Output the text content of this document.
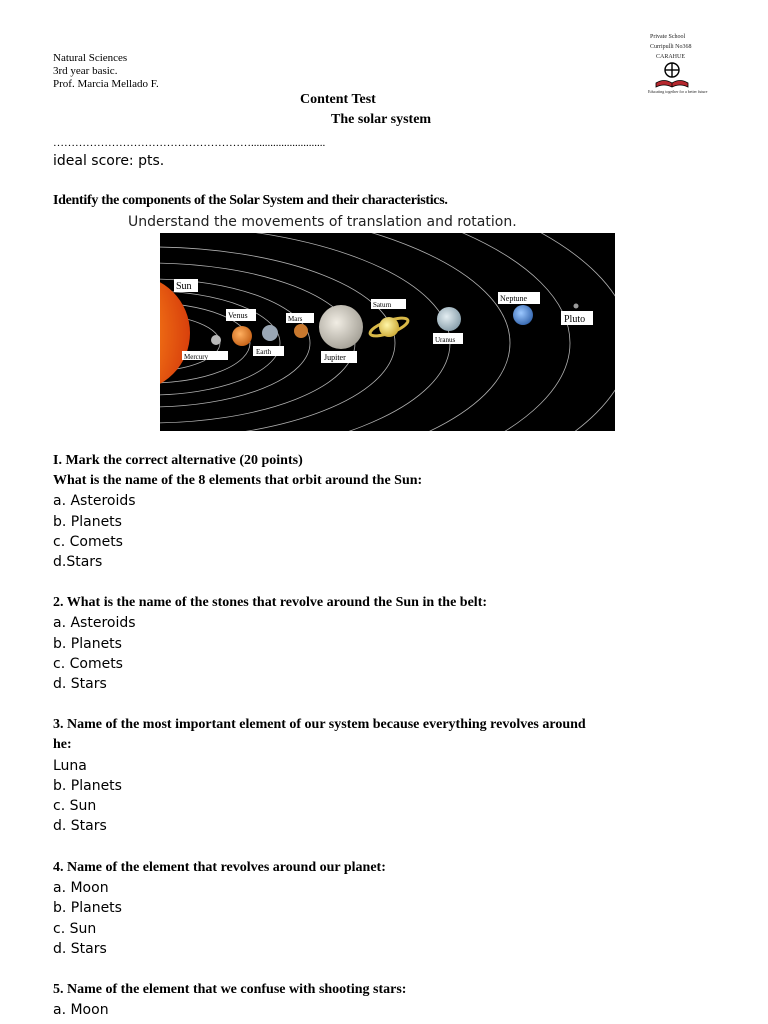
Natural Sciences
3rd year basic.
Prof. Marcia Mellado F.
Private School
Curripulli No368
CARAHUE
Educating together for a better future
Content Test
The solar system
………………………………………………...........................
ideal score: pts.
Identify the components of the Solar System and their characteristics.
Understand the movements of translation and rotation.
Sun
Mercury
Venus
Earth
Mars
Jupiter
Saturn
Uranus
Neptune
Pluto
I. Mark the correct alternative (20 points)
What is the name of the 8 elements that orbit around the Sun:
a. Asteroids
b. Planets
c. Comets
d.Stars
2. What is the name of the stones that revolve around the Sun in the belt:
a. Asteroids
b. Planets
c. Comets
d. Stars
3. Name of the most important element of our system because everything revolves around
he:
Luna
b. Planets
c. Sun
d. Stars
4. Name of the element that revolves around our planet:
a. Moon
b. Planets
c. Sun
d. Stars
5. Name of the element that we confuse with shooting stars:
a. Moon
